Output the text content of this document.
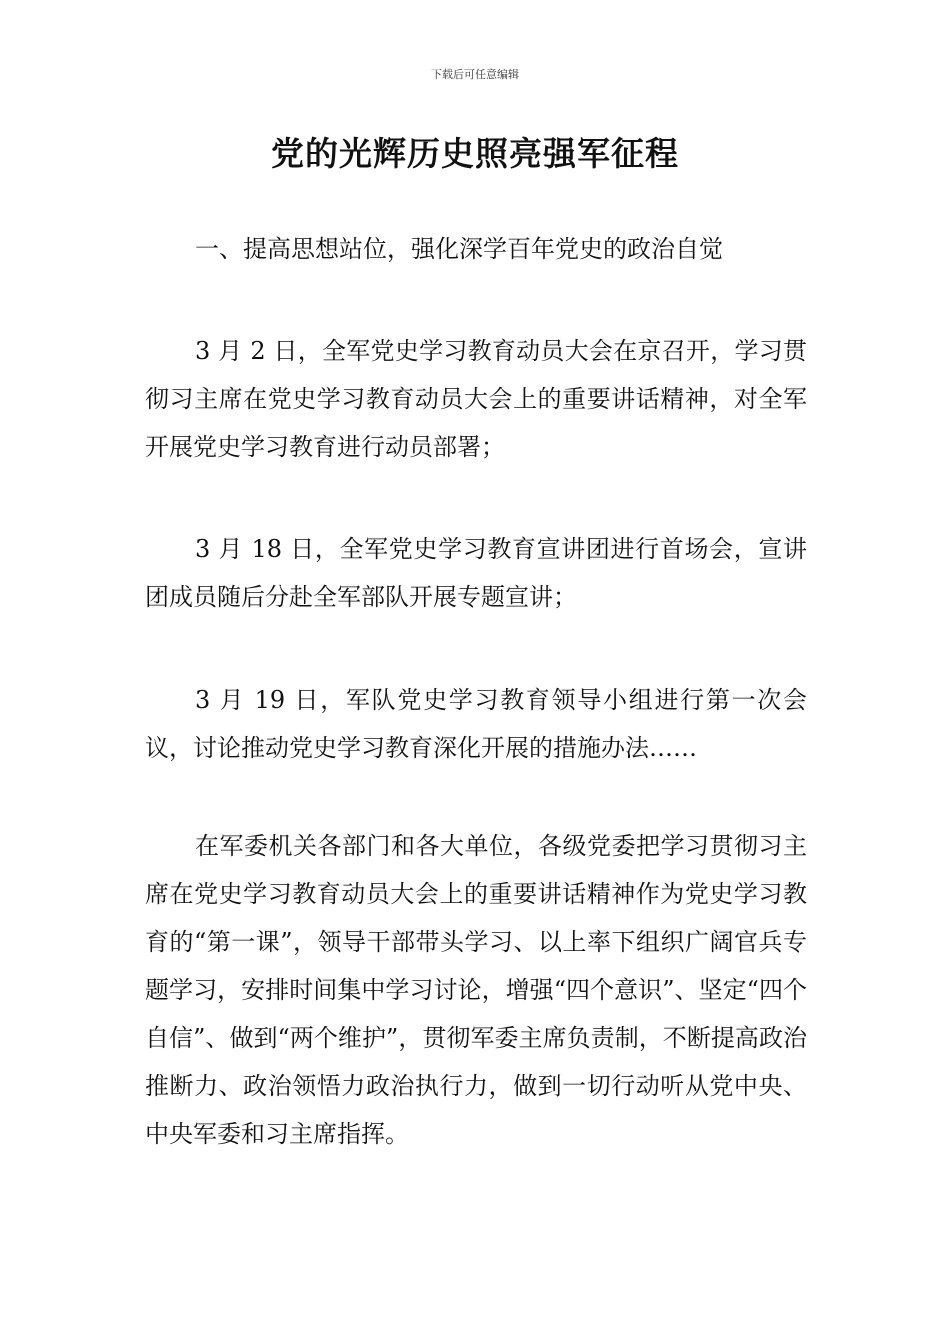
下载后可任意编辑
党的光辉历史照亮强军征程

一、提高思想站位，强化深学百年党史的政治自觉

3 月 2 日，全军党史学习教育动员大会在京召开，学习贯彻习主席在党史学习教育动员大会上的重要讲话精神，对全军开展党史学习教育进行动员部署；

3 月 18 日，全军党史学习教育宣讲团进行首场会，宣讲团成员随后分赴全军部队开展专题宣讲；

3 月 19 日，军队党史学习教育领导小组进行第一次会议，讨论推动党史学习教育深化开展的措施办法……

在军委机关各部门和各大单位，各级党委把学习贯彻习主席在党史学习教育动员大会上的重要讲话精神作为党史学习教育的“第一课”，领导干部带头学习、以上率下组织广阔官兵专题学习，安排时间集中学习讨论，增强“四个意识”、坚定“四个自信”、做到“两个维护”，贯彻军委主席负责制，不断提高政治推断力、政治领悟力政治执行力，做到一切行动听从党中央、中央军委和习主席指挥。
